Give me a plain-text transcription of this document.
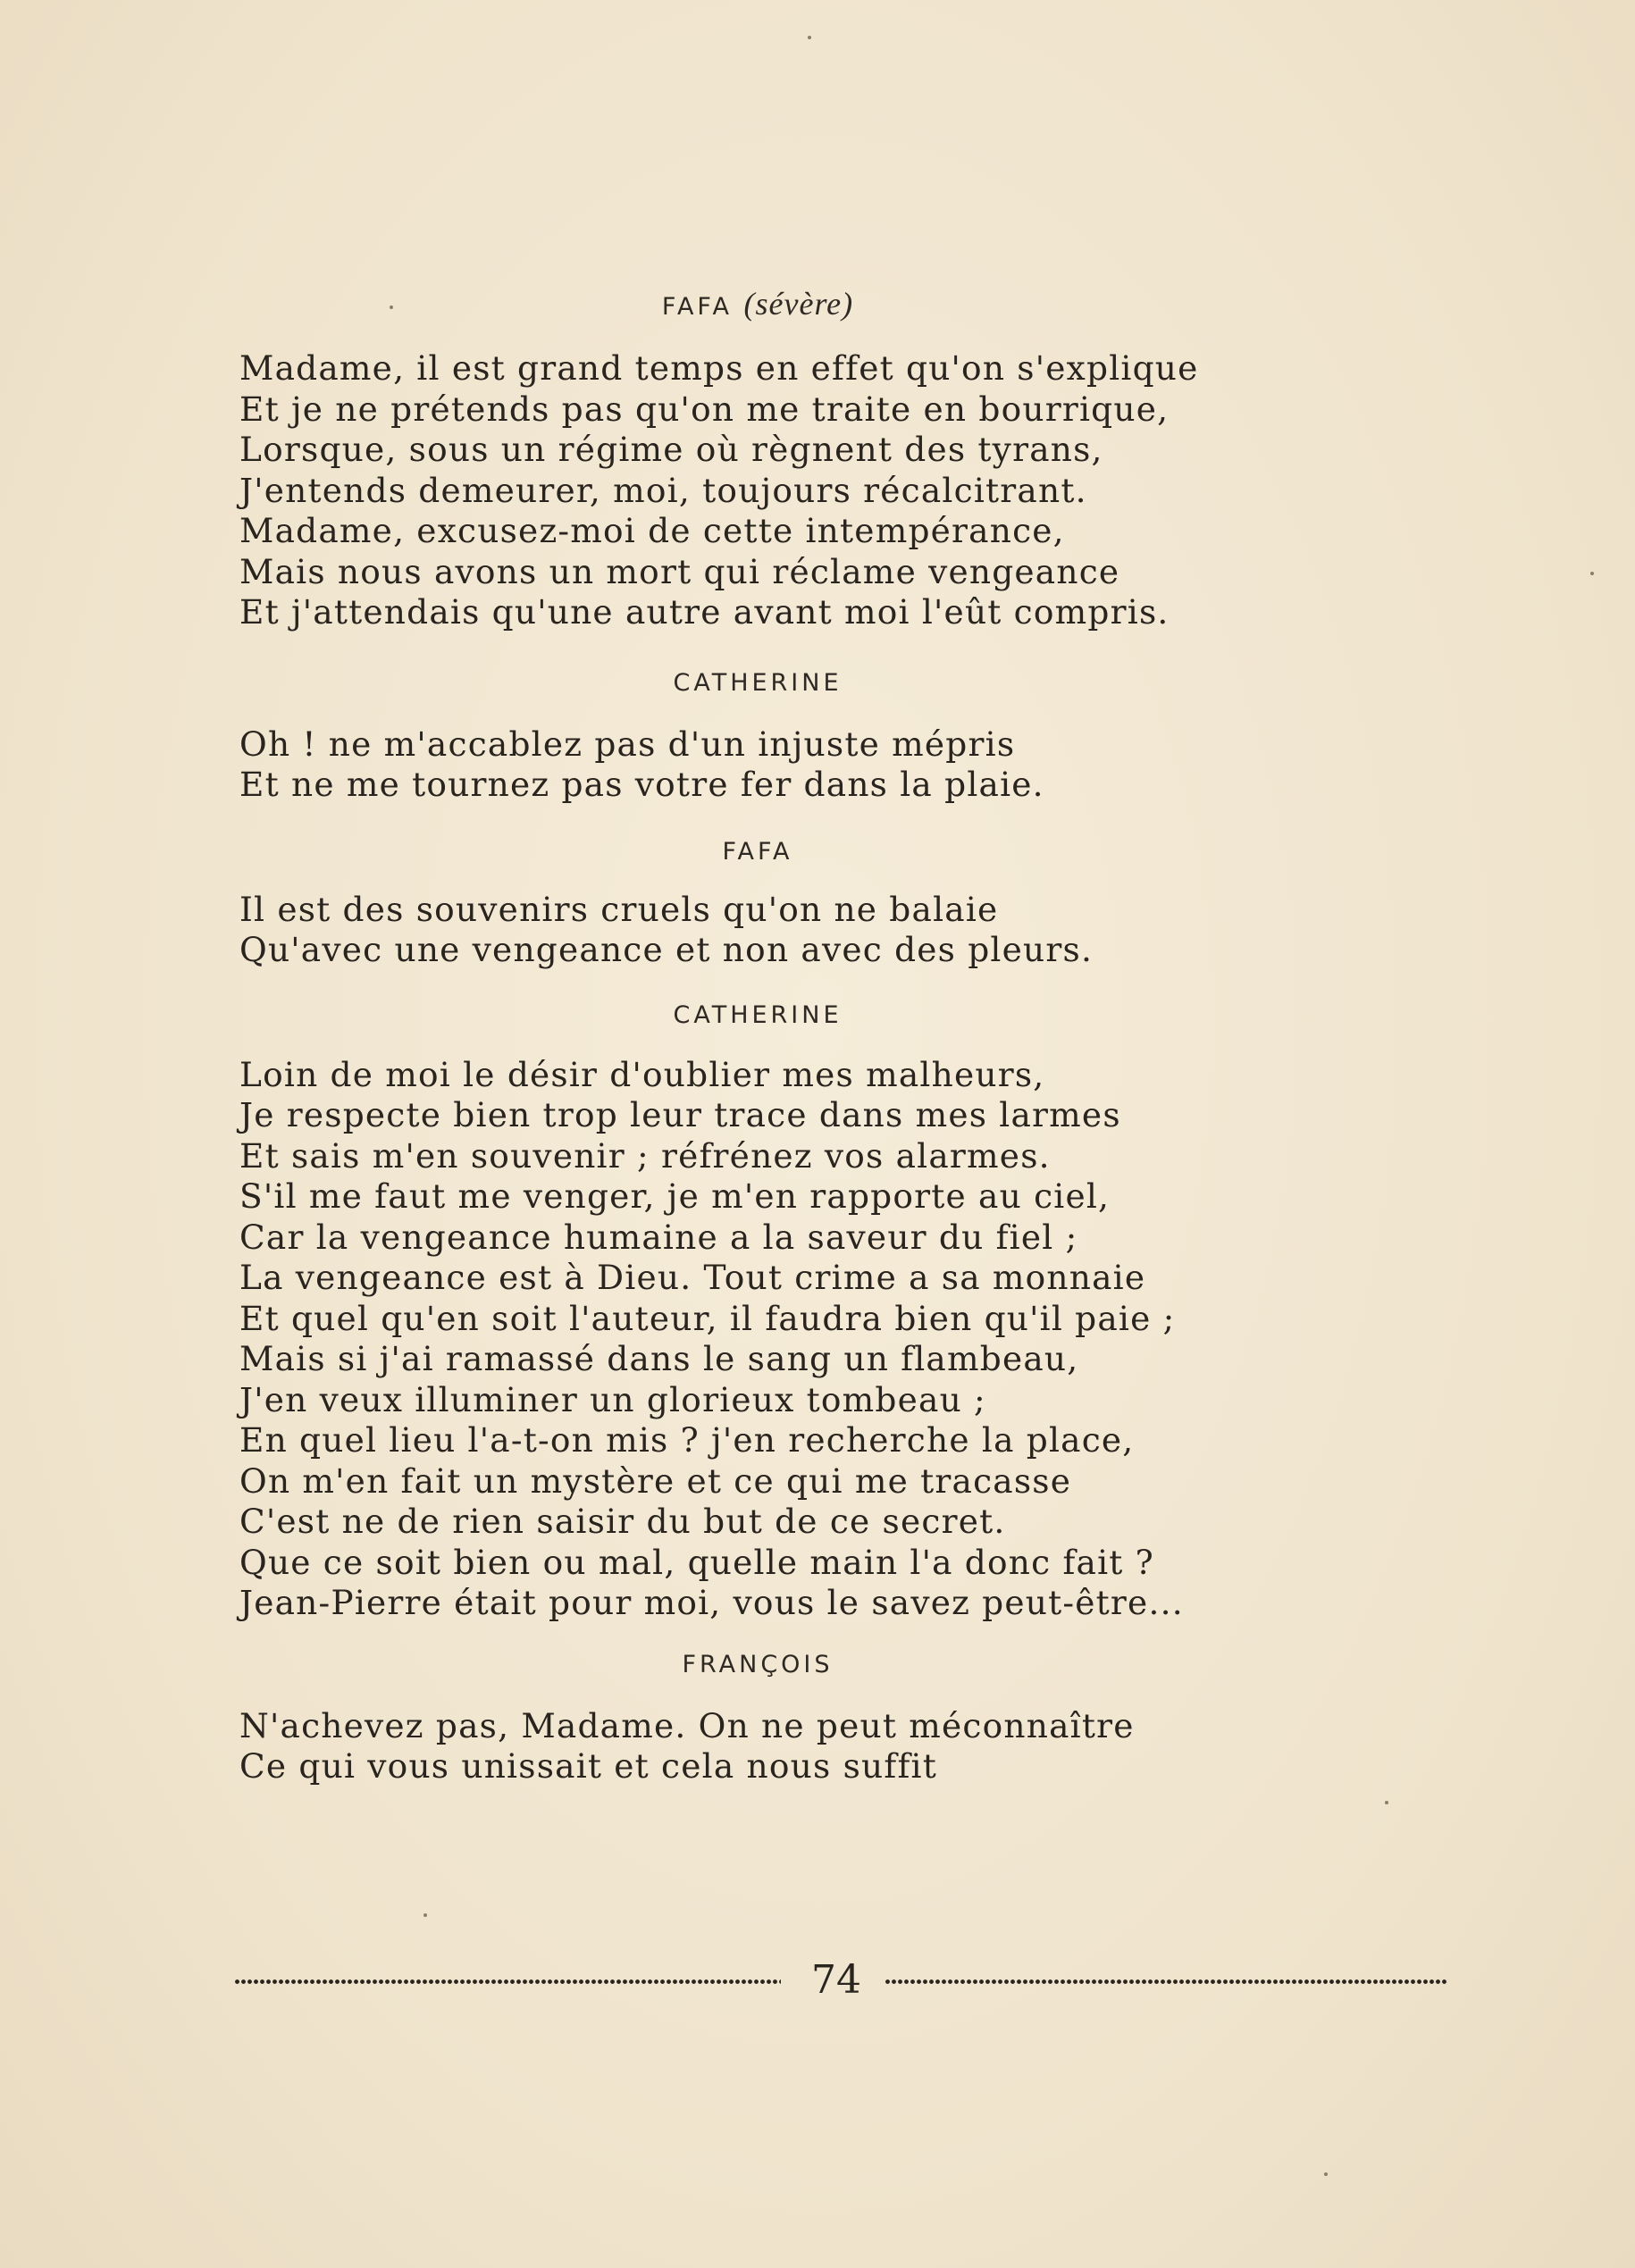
FAFA (sévère)
Madame, il est grand temps en effet qu'on s'explique
Et je ne prétends pas qu'on me traite en bourrique,
Lorsque, sous un régime où règnent des tyrans,
J'entends demeurer, moi, toujours récalcitrant.
Madame, excusez-moi de cette intempérance,
Mais nous avons un mort qui réclame vengeance
Et j'attendais qu'une autre avant moi l'eût compris.
CATHERINE
Oh ! ne m'accablez pas d'un injuste mépris
Et ne me tournez pas votre fer dans la plaie.
FAFA
Il est des souvenirs cruels qu'on ne balaie
Qu'avec une vengeance et non avec des pleurs.
CATHERINE
Loin de moi le désir d'oublier mes malheurs,
Je respecte bien trop leur trace dans mes larmes
Et sais m'en souvenir ; réfrénez vos alarmes.
S'il me faut me venger, je m'en rapporte au ciel,
Car la vengeance humaine a la saveur du fiel ;
La vengeance est à Dieu. Tout crime a sa monnaie
Et quel qu'en soit l'auteur, il faudra bien qu'il paie ;
Mais si j'ai ramassé dans le sang un flambeau,
J'en veux illuminer un glorieux tombeau ;
En quel lieu l'a-t-on mis ? j'en recherche la place,
On m'en fait un mystère et ce qui me tracasse
C'est ne de rien saisir du but de ce secret.
Que ce soit bien ou mal, quelle main l'a donc fait ?
Jean-Pierre était pour moi, vous le savez peut-être...
FRANÇOIS
N'achevez pas, Madame. On ne peut méconnaître
Ce qui vous unissait et cela nous suffit
74
